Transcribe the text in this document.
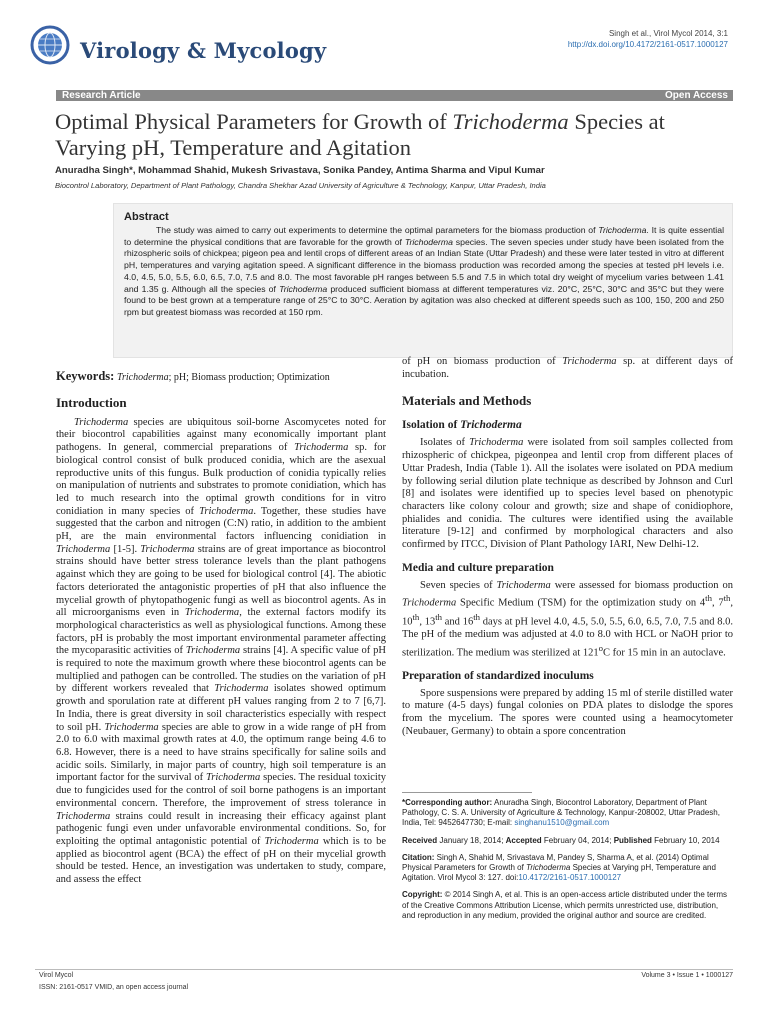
Virology & Mycology
Singh et al., Virol Mycol 2014, 3:1
http://dx.doi.org/10.4172/2161-0517.1000127
Research Article	Open Access
Optimal Physical Parameters for Growth of Trichoderma Species at Varying pH, Temperature and Agitation
Anuradha Singh*, Mohammad Shahid, Mukesh Srivastava, Sonika Pandey, Antima Sharma and Vipul Kumar
Biocontrol Laboratory, Department of Plant Pathology, Chandra Shekhar Azad University of Agriculture & Technology, Kanpur, Uttar Pradesh, India
Abstract
The study was aimed to carry out experiments to determine the optimal parameters for the biomass production of Trichoderma. It is quite essential to determine the physical conditions that are favorable for the growth of Trichoderma species. The seven species under study have been isolated from the rhizospheric soils of chickpea; pigeon pea and lentil crops of different areas of an Indian State (Uttar Pradesh) and these were later tested in vitro at different pH, temperatures and varying agitation speed. A significant difference in the biomass production was recorded among the species at tested pH levels i.e. 4.0, 4.5, 5.0, 5.5, 6.0, 6.5, 7.0, 7.5 and 8.0. The most favorable pH ranges between 5.5 and 7.5 in which total dry weight of mycelium varies between 1.41 and 1.35 g. Although all the species of Trichoderma produced sufficient biomass at different temperatures viz. 20°C, 25°C, 30°C and 35°C but they were found to be best grown at a temperature range of 25°C to 30°C. Aeration by agitation was also checked at different speeds such as 100, 150, 200 and 250 rpm but greatest biomass was recorded at 150 rpm.

Keywords: Trichoderma; pH; Biomass production; Optimization

Introduction

Trichoderma species are ubiquitous soil-borne Ascomycetes noted for their biocontrol capabilities against many economically important plant pathogens. In general, commercial preparations of Trichoderma sp. for biological control consist of bulk produced conidia, which are the asexual reproductive units of this fungus. Bulk production of conidia typically relies on manipulation of nutrients and substrates to promote conidiation, which has led to much research into the optimal growth conditions for in vitro conidiation in many species of Trichoderma. Together, these studies have suggested that the carbon and nitrogen (C:N) ratio, in addition to the ambient pH, are the main environmental factors influencing conidiation in Trichoderma [1-5]. Trichoderma strains are of great importance as biocontrol strains should have better stress tolerance levels than the plant pathogens against which they are going to be used for biological control [4]. The abiotic factors deteriorated the antagonistic properties of pH that also influence the mycelial growth of phytopathogenic fungi as well as biocontrol agents. As in all microorganisms even in Trichoderma, the external factors modify its morphological characteristics as well as physiological functions. Among these factors, pH is probably the most important environmental parameter affecting the mycoparasitic activities of Trichoderma strains [4]. A specific value of pH is required to note the maximum growth where these biocontrol agents can be multiplied and pathogen can be controlled. The studies on the variation of pH by different workers revealed that Trichoderma isolates showed optimum growth and sporulation rate at different pH values ranging from 2 to 7 [6,7]. In India, there is great diversity in soil characteristics especially with respect to soil pH. Trichoderma species are able to grow in a wide range of pH from 2.0 to 6.0 with maximal growth rates at 4.0, the optimum range being 4.6 to 6.8. However, there is a need to have strains specifically for saline soils and acidic soils. Similarly, in major parts of country, high soil temperature is an important factor for the survival of Trichoderma species. The residual toxicity due to fungicides used for the control of soil borne pathogens is an important environmental concern. Therefore, the improvement of stress tolerance in Trichoderma strains could result in increasing their efficacy against plant pathogenic fungi even under unfavorable environmental conditions. So, for exploiting the optimal antagonistic potential of Trichoderma which is to be applied as biocontrol agent (BCA) the effect of pH on their mycelial growth should be tested. Hence, an investigation was undertaken to study, compare, and assess the effect

of pH on biomass production of Trichoderma sp. at different days of incubation.

Materials and Methods
Isolation of Trichoderma

Isolates of Trichoderma were isolated from soil samples collected from rhizospheric of chickpea, pigeonpea and lentil crop from different places of Uttar Pradesh, India (Table 1). All the isolates were isolated on PDA medium by following serial dilution plate technique as described by Johnson and Curl [8] and isolates were identified up to species level based on phenotypic characters like colony colour and growth; size and shape of conidiophore, phialides and conidia. The cultures were identified using the available literature [9-12] and confirmed by morphological characters and also confirmed by ITCC, Division of Plant Pathology IARI, New Delhi-12.

Media and culture preparation

Seven species of Trichoderma were assessed for biomass production on Trichoderma Specific Medium (TSM) for the optimization study on 4th, 7th, 10th, 13th and 16th days at pH level 4.0, 4.5, 5.0, 5.5, 6.0, 6.5, 7.0, 7.5 and 8.0. The pH of the medium was adjusted at 4.0 to 8.0 with HCL or NaOH prior to sterilization. The medium was sterilized at 121$^o$C for 15 min in an autoclave.

Preparation of standardized inoculums

Spore suspensions were prepared by adding 15 ml of sterile distilled water to mature (4-5 days) fungal colonies on PDA plates to dislodge the spores from the mycelium. The spores were counted using a heamocytometer (Neubauer, Germany) to obtain a spore concentration

*Corresponding author: Anuradha Singh, Biocontrol Laboratory, Department of Plant Pathology, C. S. A. University of Agriculture & Technology, Kanpur-208002, Uttar Pradesh, India, Tel: 9452647730; E-mail: singhanu1510@gmail.com

Received January 18, 2014; Accepted February 04, 2014; Published February 10, 2014

Citation: Singh A, Shahid M, Srivastava M, Pandey S, Sharma A, et al. (2014) Optimal Physical Parameters for Growth of Trichoderma Species at Varying pH, Temperature and Agitation. Virol Mycol 3: 127. doi:10.4172/2161-0517.1000127

Copyright: © 2014 Singh A, et al. This is an open-access article distributed under the terms of the Creative Commons Attribution License, which permits unrestricted use, distribution, and reproduction in any medium, provided the original author and source are credited.

Virol Mycol
ISSN: 2161-0517 VMID, an open access journal
Volume 3 • Issue 1 • 1000127
